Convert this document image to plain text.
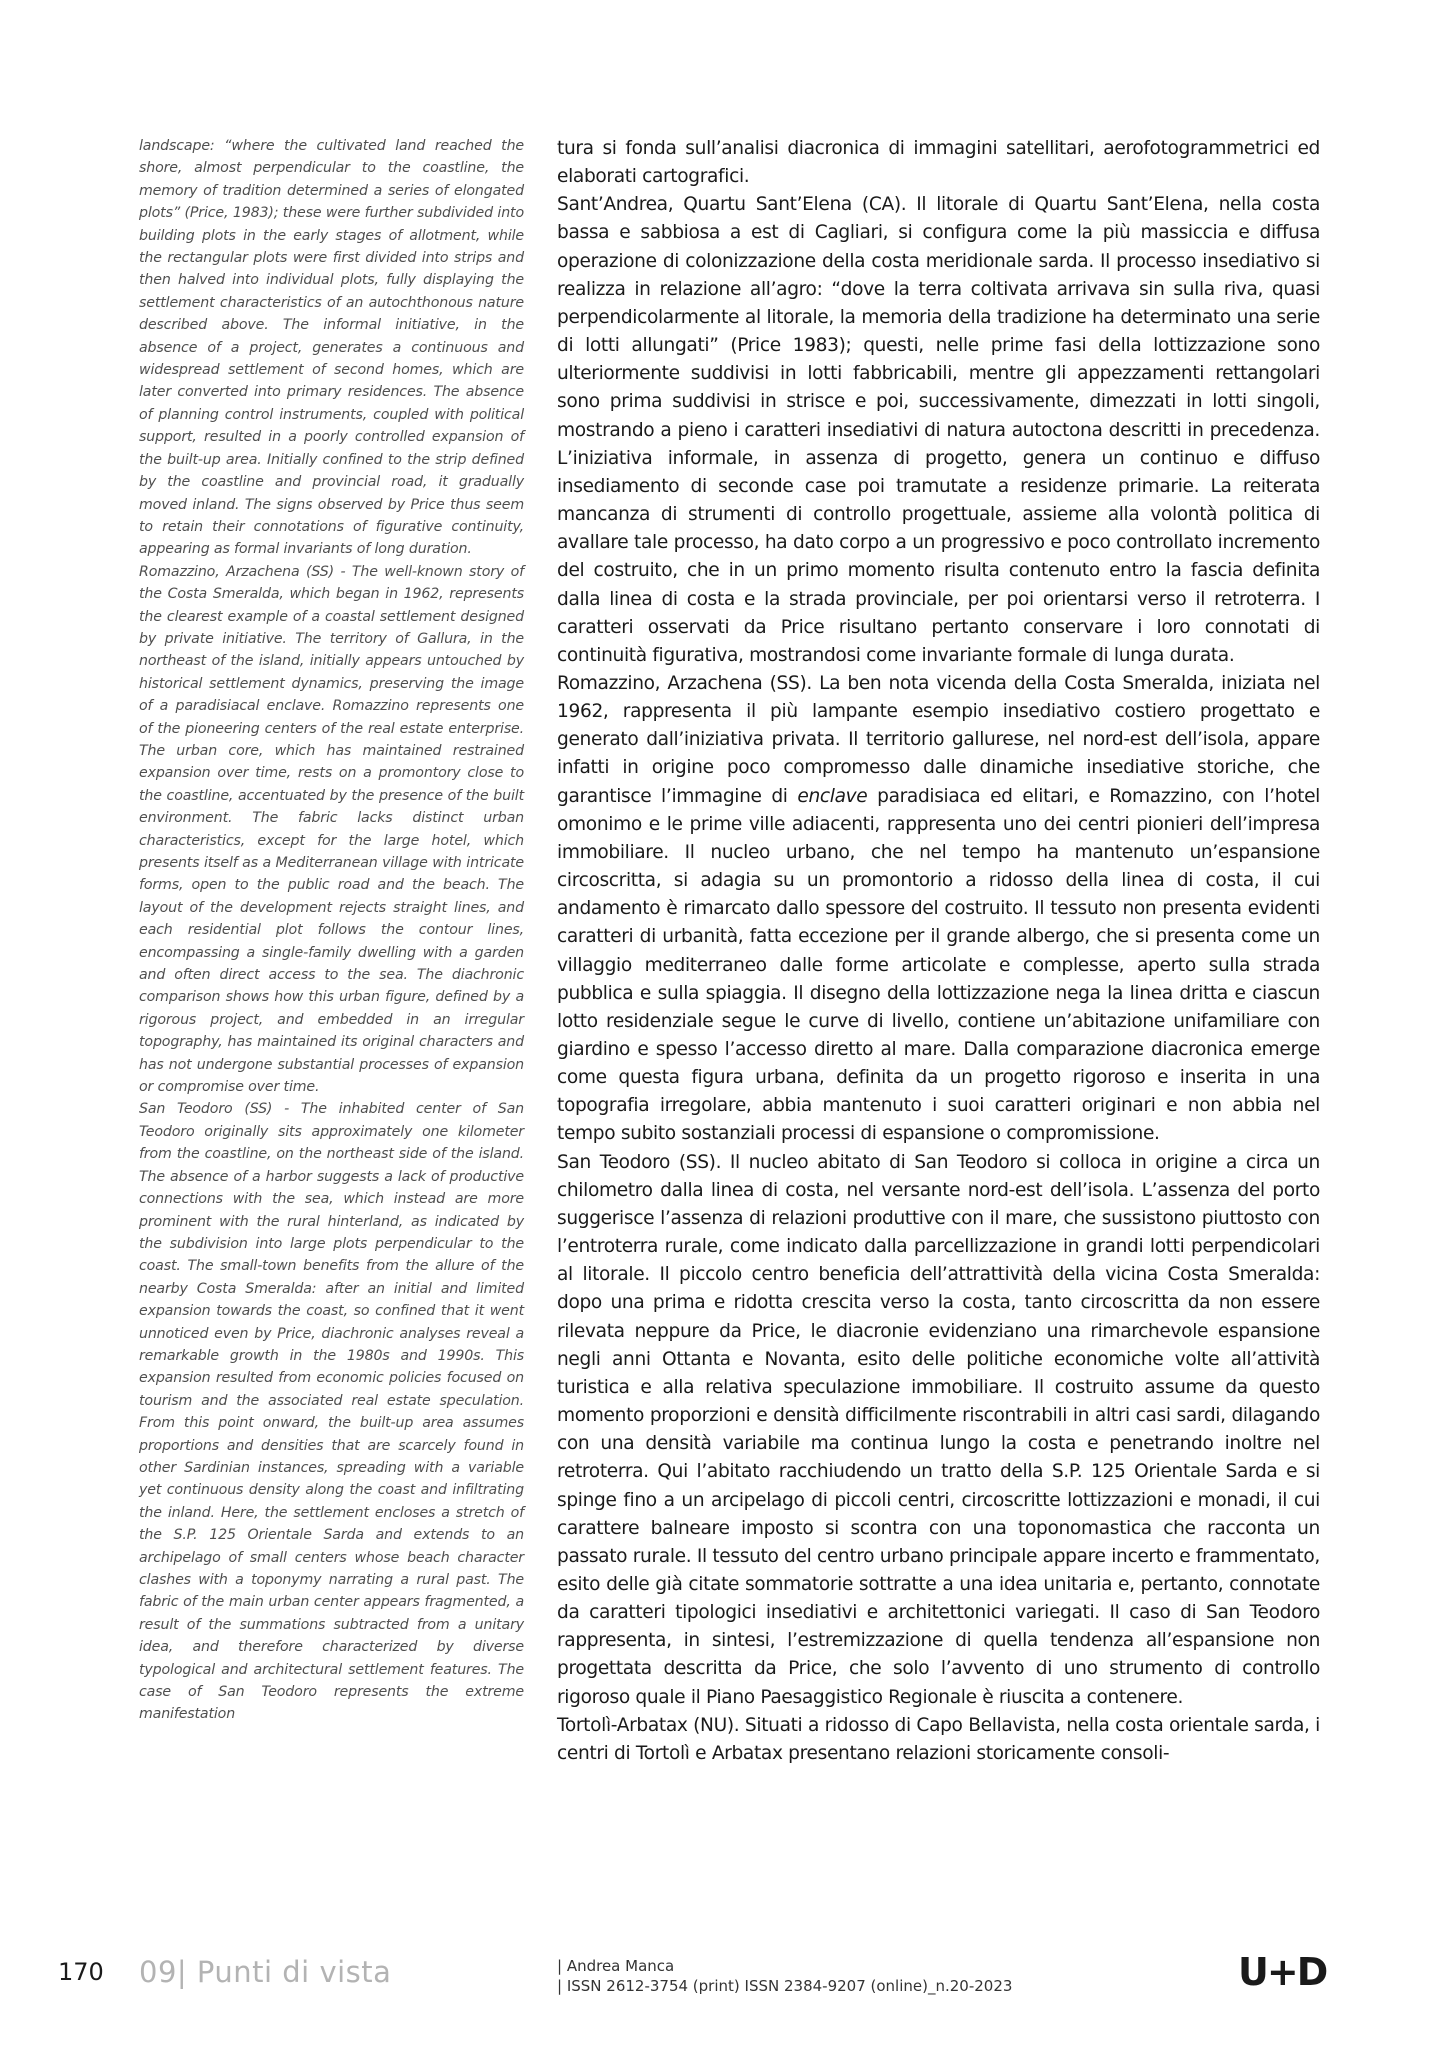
landscape: “where the cultivated land reached the shore, almost perpendicular to the coastline, the memory of tradition determined a series of elongated plots” (Price, 1983); these were further subdivided into building plots in the early stages of allotment, while the rectangular plots were first divided into strips and then halved into individual plots, fully displaying the settlement characteristics of an autochthonous nature described above. The informal initiative, in the absence of a project, generates a continuous and widespread settlement of second homes, which are later converted into primary residences. The absence of planning control instruments, coupled with political support, resulted in a poorly controlled expansion of the built-up area. Initially confined to the strip defined by the coastline and provincial road, it gradually moved inland. The signs observed by Price thus seem to retain their connotations of figurative continuity, appearing as formal invariants of long duration.

Romazzino, Arzachena (SS) - The well-known story of the Costa Smeralda, which began in 1962, represents the clearest example of a coastal settlement designed by private initiative. The territory of Gallura, in the northeast of the island, initially appears untouched by historical settlement dynamics, preserving the image of a paradisiacal enclave. Romazzino represents one of the pioneering centers of the real estate enterprise. The urban core, which has maintained restrained expansion over time, rests on a promontory close to the coastline, accentuated by the presence of the built environment. The fabric lacks distinct urban characteristics, except for the large hotel, which presents itself as a Mediterranean village with intricate forms, open to the public road and the beach. The layout of the development rejects straight lines, and each residential plot follows the contour lines, encompassing a single-family dwelling with a garden and often direct access to the sea. The diachronic comparison shows how this urban figure, defined by a rigorous project, and embedded in an irregular topography, has maintained its original characters and has not undergone substantial processes of expansion or compromise over time.

San Teodoro (SS) - The inhabited center of San Teodoro originally sits approximately one kilometer from the coastline, on the northeast side of the island. The absence of a harbor suggests a lack of productive connections with the sea, which instead are more prominent with the rural hinterland, as indicated by the subdivision into large plots perpendicular to the coast. The small-town benefits from the allure of the nearby Costa Smeralda: after an initial and limited expansion towards the coast, so confined that it went unnoticed even by Price, diachronic analyses reveal a remarkable growth in the 1980s and 1990s. This expansion resulted from economic policies focused on tourism and the associated real estate speculation. From this point onward, the built-up area assumes proportions and densities that are scarcely found in other Sardinian instances, spreading with a variable yet continuous density along the coast and infiltrating the inland. Here, the settlement encloses a stretch of the S.P. 125 Orientale Sarda and extends to an archipelago of small centers whose beach character clashes with a toponymy narrating a rural past. The fabric of the main urban center appears fragmented, a result of the summations subtracted from a unitary idea, and therefore characterized by diverse typological and architectural settlement features. The case of San Teodoro represents the extreme manifestation

tura si fonda sull’analisi diacronica di immagini satellitari, aerofotogrammetrici ed elaborati cartografici.

Sant’Andrea, Quartu Sant’Elena (CA). Il litorale di Quartu Sant’Elena, nella costa bassa e sabbiosa a est di Cagliari, si configura come la più massiccia e diffusa operazione di colonizzazione della costa meridionale sarda. Il processo insediativo si realizza in relazione all’agro: “dove la terra coltivata arrivava sin sulla riva, quasi perpendicolarmente al litorale, la memoria della tradizione ha determinato una serie di lotti allungati” (Price 1983); questi, nelle prime fasi della lottizzazione sono ulteriormente suddivisi in lotti fabbricabili, mentre gli appezzamenti rettangolari sono prima suddivisi in strisce e poi, successivamente, dimezzati in lotti singoli, mostrando a pieno i caratteri insediativi di natura autoctona descritti in precedenza. L’iniziativa informale, in assenza di progetto, genera un continuo e diffuso insediamento di seconde case poi tramutate a residenze primarie. La reiterata mancanza di strumenti di controllo progettuale, assieme alla volontà politica di avallare tale processo, ha dato corpo a un progressivo e poco controllato incremento del costruito, che in un primo momento risulta contenuto entro la fascia definita dalla linea di costa e la strada provinciale, per poi orientarsi verso il retroterra. I caratteri osservati da Price risultano pertanto conservare i loro connotati di continuità figurativa, mostrandosi come invariante formale di lunga durata.

Romazzino, Arzachena (SS). La ben nota vicenda della Costa Smeralda, iniziata nel 1962, rappresenta il più lampante esempio insediativo costiero progettato e generato dall’iniziativa privata. Il territorio gallurese, nel nord-est dell’isola, appare infatti in origine poco compromesso dalle dinamiche insediative storiche, che garantisce l’immagine di enclave paradisiaca ed elitari, e Romazzino, con l’hotel omonimo e le prime ville adiacenti, rappresenta uno dei centri pionieri dell’impresa immobiliare. Il nucleo urbano, che nel tempo ha mantenuto un’espansione circoscritta, si adagia su un promontorio a ridosso della linea di costa, il cui andamento è rimarcato dallo spessore del costruito. Il tessuto non presenta evidenti caratteri di urbanità, fatta eccezione per il grande albergo, che si presenta come un villaggio mediterraneo dalle forme articolate e complesse, aperto sulla strada pubblica e sulla spiaggia. Il disegno della lottizzazione nega la linea dritta e ciascun lotto residenziale segue le curve di livello, contiene un’abitazione unifamiliare con giardino e spesso l’accesso diretto al mare. Dalla comparazione diacronica emerge come questa figura urbana, definita da un progetto rigoroso e inserita in una topografia irregolare, abbia mantenuto i suoi caratteri originari e non abbia nel tempo subito sostanziali processi di espansione o compromissione.

San Teodoro (SS). Il nucleo abitato di San Teodoro si colloca in origine a circa un chilometro dalla linea di costa, nel versante nord-est dell’isola. L’assenza del porto suggerisce l’assenza di relazioni produttive con il mare, che sussistono piuttosto con l’entroterra rurale, come indicato dalla parcellizzazione in grandi lotti perpendicolari al litorale. Il piccolo centro beneficia dell’attrattività della vicina Costa Smeralda: dopo una prima e ridotta crescita verso la costa, tanto circoscritta da non essere rilevata neppure da Price, le diacronie evidenziano una rimarchevole espansione negli anni Ottanta e Novanta, esito delle politiche economiche volte all’attività turistica e alla relativa speculazione immobiliare. Il costruito assume da questo momento proporzioni e densità difficilmente riscontrabili in altri casi sardi, dilagando con una densità variabile ma continua lungo la costa e penetrando inoltre nel retroterra. Qui l’abitato racchiudendo un tratto della S.P. 125 Orientale Sarda e si spinge fino a un arcipelago di piccoli centri, circoscritte lottizzazioni e monadi, il cui carattere balneare imposto si scontra con una toponomastica che racconta un passato rurale. Il tessuto del centro urbano principale appare incerto e frammentato, esito delle già citate sommatorie sottratte a una idea unitaria e, pertanto, connotate da caratteri tipologici insediativi e architettonici variegati. Il caso di San Teodoro rappresenta, in sintesi, l’estremizzazione di quella tendenza all’espansione non progettata descritta da Price, che solo l’avvento di uno strumento di controllo rigoroso quale il Piano Paesaggistico Regionale è riuscita a contenere.

Tortolì-Arbatax (NU). Situati a ridosso di Capo Bellavista, nella costa orientale sarda, i centri di Tortolì e Arbatax presentano relazioni storicamente consoli-

170 09| Punti di vista	| Andrea Manca
| ISSN 2612-3754 (print) ISSN 2384-9207 (online)_n.20-2023	U+D
